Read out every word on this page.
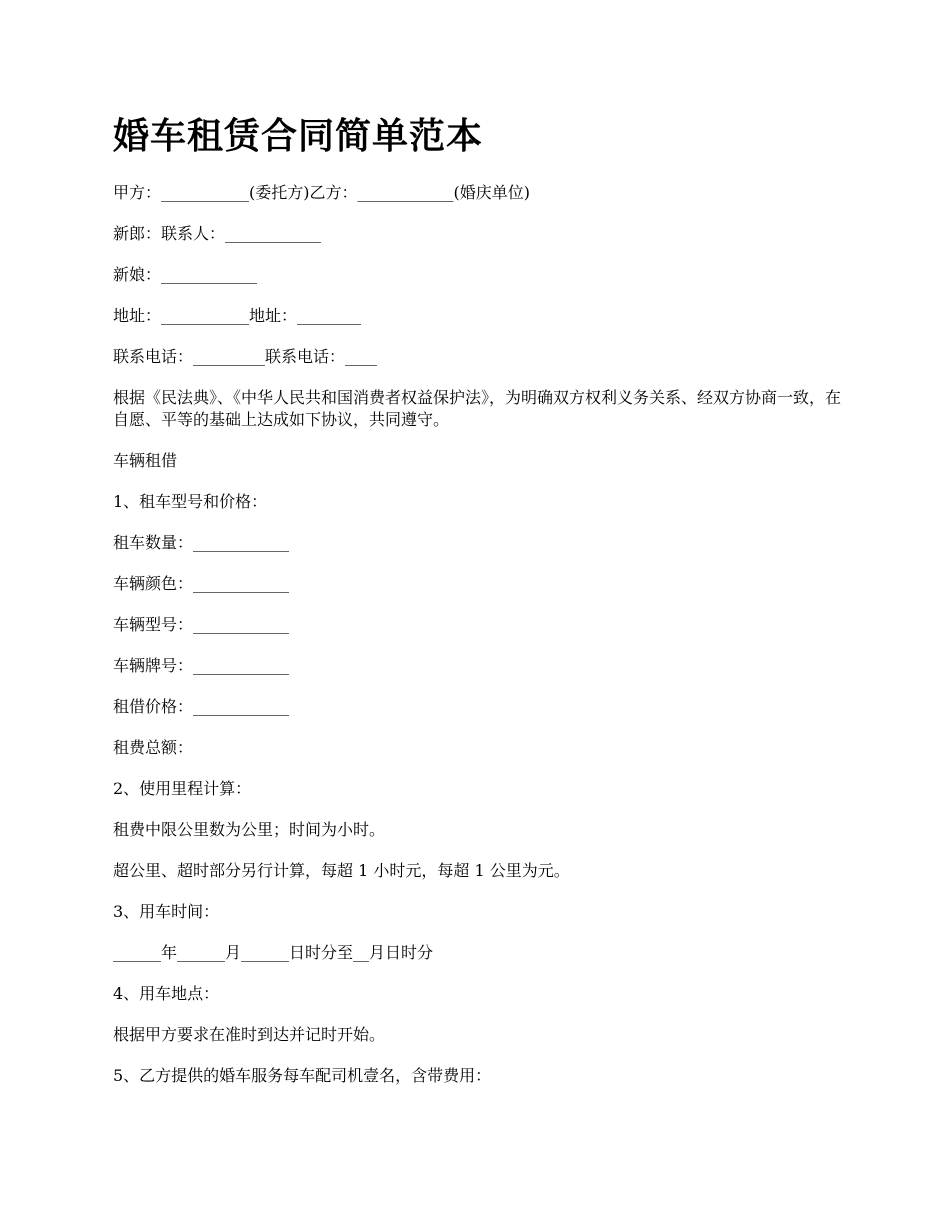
婚车租赁合同简单范本

甲方：___________(委托方)乙方：____________(婚庆单位)

新郎：联系人：____________

新娘：____________

地址：___________地址：________

联系电话：_________联系电话：____

根据《民法典》、《中华人民共和国消费者权益保护法》，为明确双方权利义务关系、经双方协商一致，在自愿、平等的基础上达成如下协议，共同遵守。

车辆租借

1、租车型号和价格：

租车数量：____________

车辆颜色：____________

车辆型号：____________

车辆牌号：____________

租借价格：____________

租费总额：

2、使用里程计算：

租费中限公里数为公里；时间为小时。

超公里、超时部分另行计算，每超 1 小时元，每超 1 公里为元。

3、用车时间：

______年______月______日时分至__月日时分

4、用车地点：

根据甲方要求在准时到达并记时开始。

5、乙方提供的婚车服务每车配司机壹名，含带费用：
